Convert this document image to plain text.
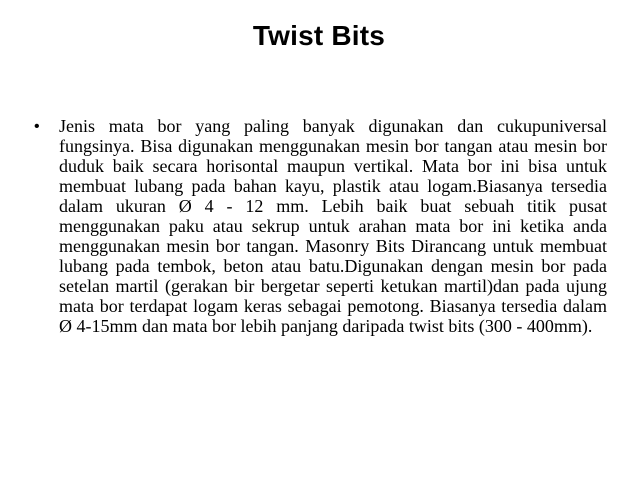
Twist Bits
• Jenis mata bor yang paling banyak digunakan dan cukupuniversal fungsinya. Bisa digunakan menggunakan mesin bor tangan atau mesin bor duduk baik secara horisontal maupun vertikal. Mata bor ini bisa untuk membuat lubang pada bahan kayu, plastik atau logam.Biasanya tersedia dalam ukuran Ø 4 - 12 mm. Lebih baik buat sebuah titik pusat menggunakan paku atau sekrup untuk arahan mata bor ini ketika anda menggunakan mesin bor tangan. Masonry Bits Dirancang untuk membuat lubang pada tembok, beton atau batu.Digunakan dengan mesin bor pada setelan martil (gerakan bir bergetar seperti ketukan martil)dan pada ujung mata bor terdapat logam keras sebagai pemotong. Biasanya tersedia dalam Ø 4-15mm dan mata bor lebih panjang daripada twist bits (300 - 400mm).
